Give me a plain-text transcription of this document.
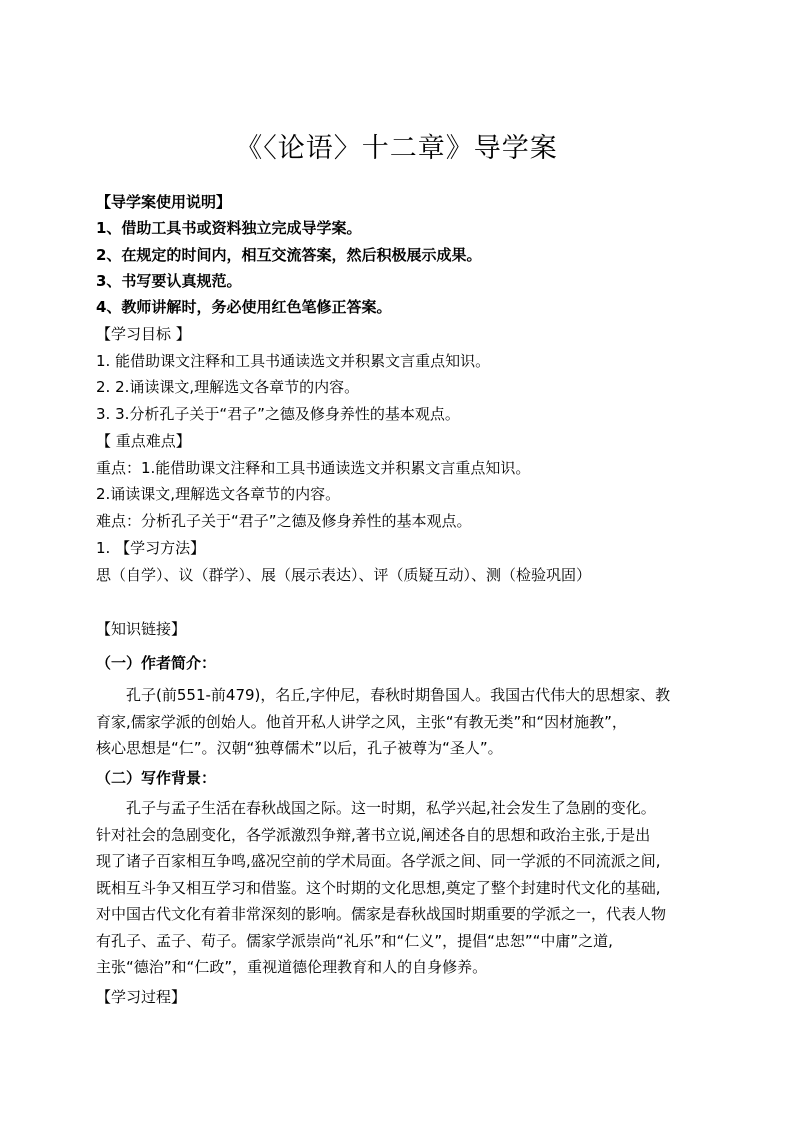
《〈论语〉十二章》导学案
【导学案使用说明】
1、借助工具书或资料独立完成导学案。
2、在规定的时间内，相互交流答案，然后积极展示成果。
3、书写要认真规范。
4、教师讲解时，务必使用红色笔修正答案。
【学习目标 】
1. 能借助课文注释和工具书通读选文并积累文言重点知识。
2. 2.诵读课文,理解选文各章节的内容。
3. 3.分析孔子关于“君子”之德及修身养性的基本观点。
【 重点难点】
重点：1.能借助课文注释和工具书通读选文并积累文言重点知识。
2.诵读课文,理解选文各章节的内容。
难点：分析孔子关于“君子”之德及修身养性的基本观点。
1. 【学习方法】
思（自学）、议（群学）、展（展示表达）、评（质疑互动）、测（检验巩固）
【知识链接】
（一）作者简介：
孔子(前551-前479)，名丘,字仲尼，春秋时期鲁国人。我国古代伟大的思想家、教
育家,儒家学派的创始人。他首开私人讲学之风，主张“有教无类”和“因材施教”，
核心思想是“仁”。汉朝“独尊儒术”以后，孔子被尊为“圣人”。
（二）写作背景：
孔子与孟子生活在春秋战国之际。这一时期，私学兴起,社会发生了急剧的变化。
针对社会的急剧变化，各学派激烈争辩,著书立说,阐述各自的思想和政治主张,于是出
现了诸子百家相互争鸣,盛况空前的学术局面。各学派之间、同一学派的不同流派之间,
既相互斗争又相互学习和借鉴。这个时期的文化思想,奠定了整个封建时代文化的基础,
对中国古代文化有着非常深刻的影响。儒家是春秋战国时期重要的学派之一，代表人物
有孔子、孟子、荀子。儒家学派崇尚“礼乐”和“仁义”，提倡“忠恕”“中庸”之道,
主张“德治”和“仁政”，重视道德伦理教育和人的自身修养。
【学习过程】
